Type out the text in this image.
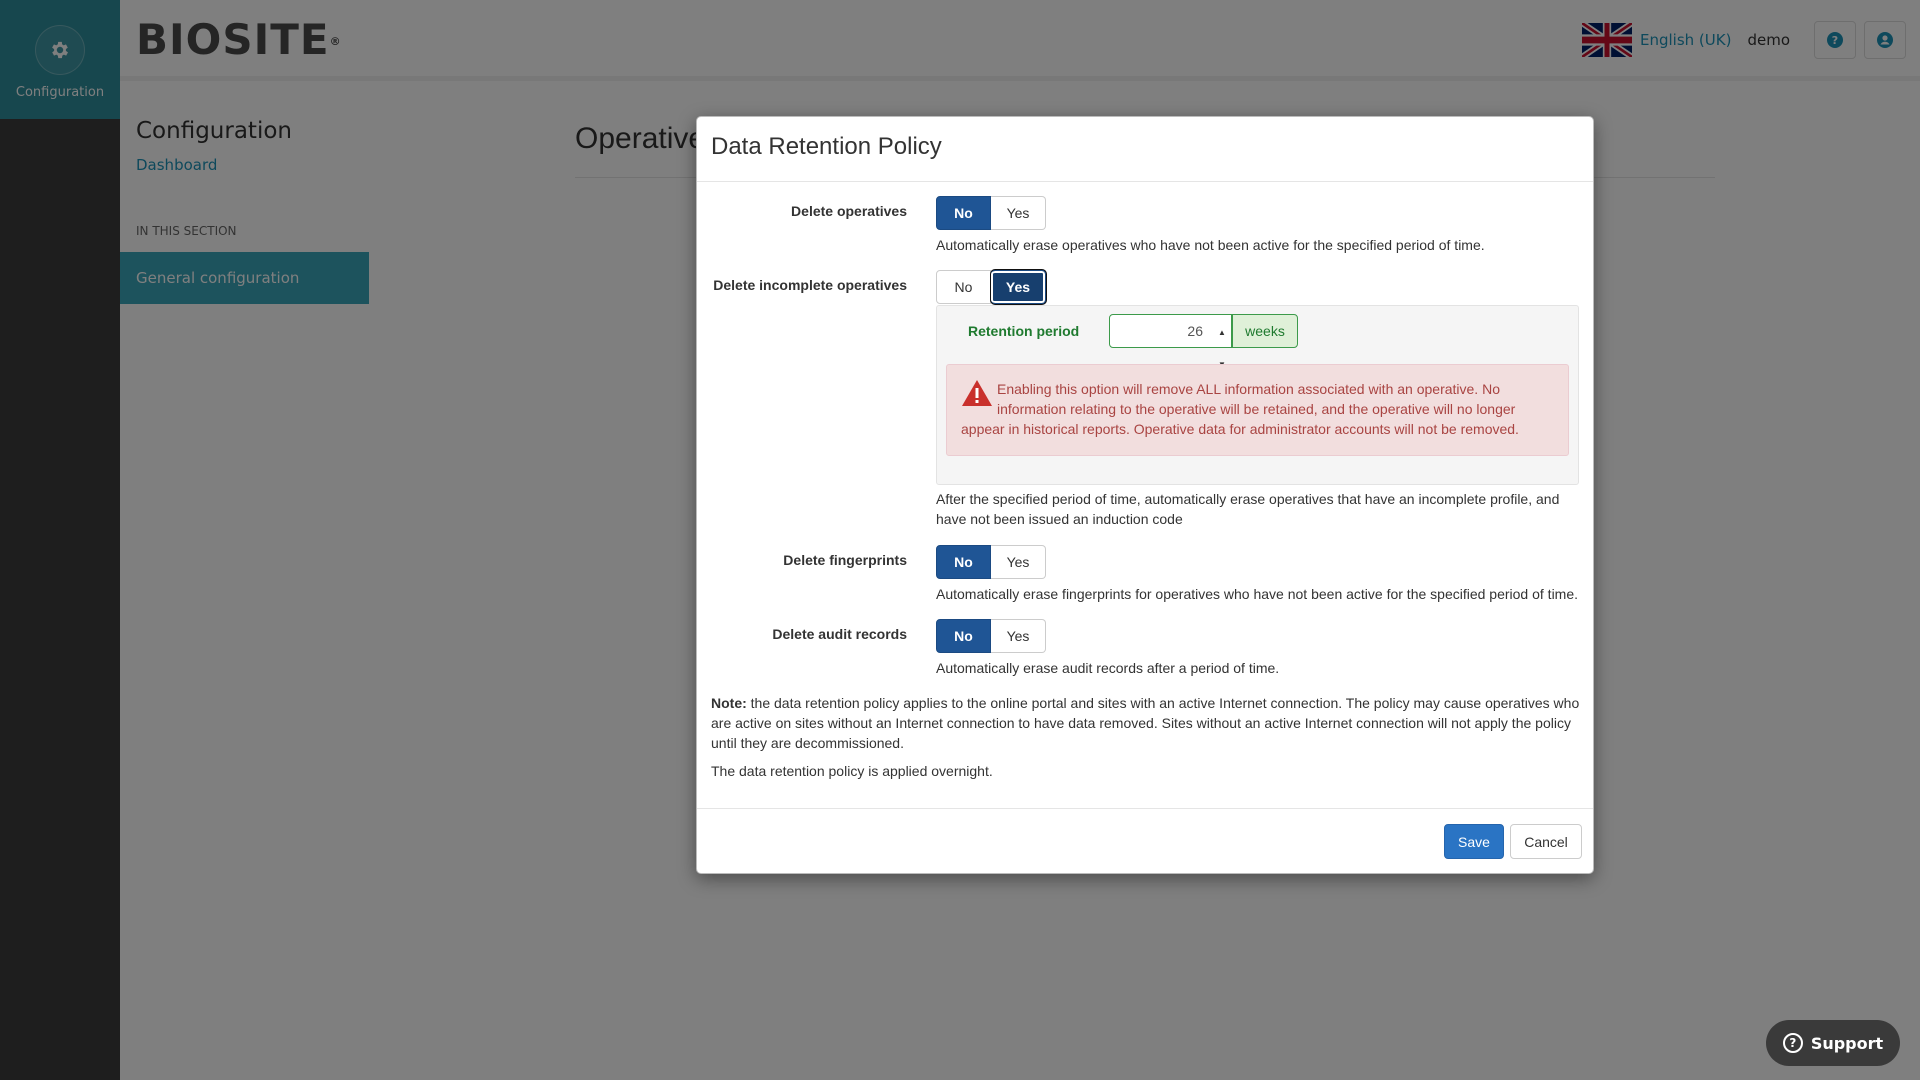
Data Retention Policy
Delete operatives	No	Yes
Automatically erase operatives who have not been active for the specified period of time.
Delete incomplete operatives	No	Yes
Retention period	26 ▲	weeks
Enabling this option will remove ALL information associated with an operative. No information relating to the operative will be retained, and the operative will no longer appear in historical reports. Operative data for administrator accounts will not be removed.
After the specified period of time, automatically erase operatives that have an incomplete profile, and have not been issued an induction code
Delete fingerprints	No	Yes
Automatically erase fingerprints for operatives who have not been active for the specified period of time.
Delete audit records	No	Yes
Automatically erase audit records after a period of time.
Note: the data retention policy applies to the online portal and sites with an active Internet connection. The policy may cause operatives who are active on sites without an Internet connection to have data removed. Sites without an active Internet connection will not apply the policy until they are decommissioned.
The data retention policy is applied overnight.
Save	Cancel
? Support
